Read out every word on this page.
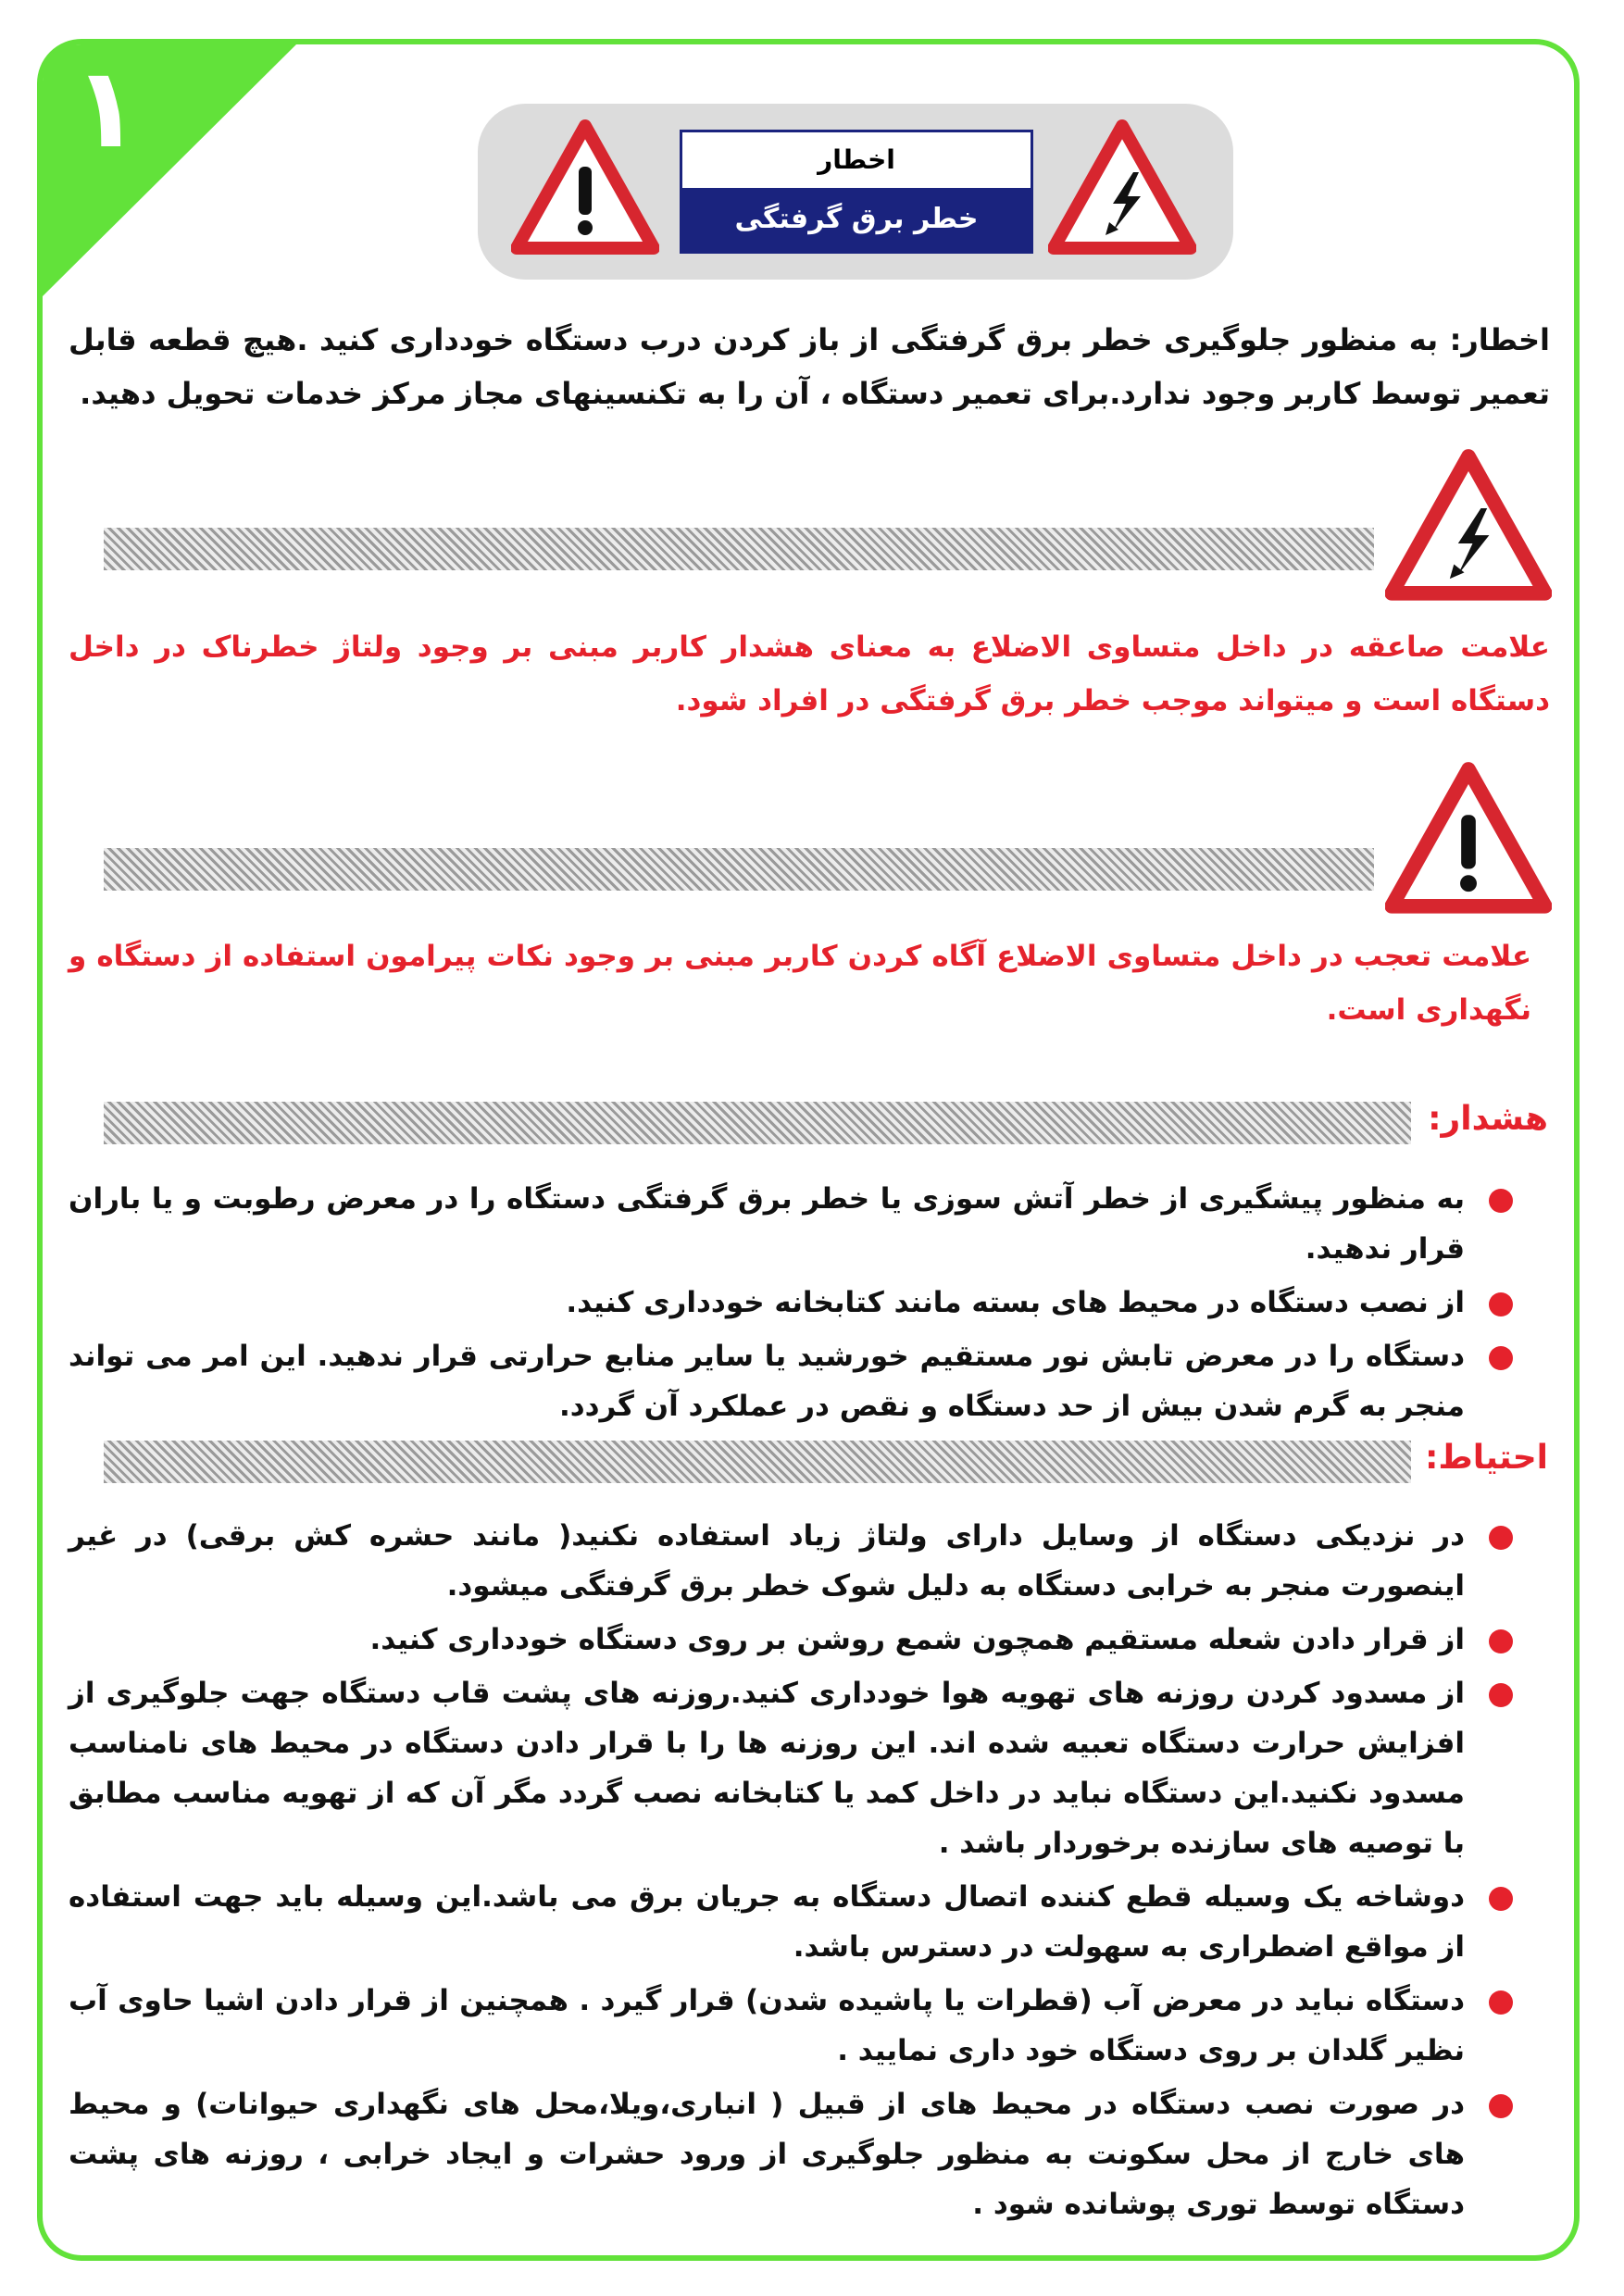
۱	اخطار
خطر برق گرفتگی
اخطار: به منظور جلوگیری خطر برق گرفتگی از باز کردن درب دستگاه خودداری کنید .هیچ قطعه قابل تعمیر توسط کاربر وجود ندارد.برای تعمیر دستگاه ، آن را به تکنسینهای مجاز مرکز خدمات تحویل دهید.
علامت صاعقه در داخل متساوی الاضلاع به معنای هشدار کاربر مبنی بر وجود ولتاژ خطرناک در داخل دستگاه است و میتواند موجب خطر برق گرفتگی در افراد شود.
علامت تعجب در داخل متساوی الاضلاع آگاه کردن کاربر مبنی بر وجود نکات پیرامون استفاده از دستگاه و نگهداری است.
هشدار:
به منظور پیشگیری از خطر آتش سوزی یا خطر برق گرفتگی دستگاه را در معرض رطوبت و یا باران قرار ندهید.
از نصب دستگاه در محیط های بسته مانند کتابخانه خودداری کنید.
دستگاه را در معرض تابش نور مستقیم خورشید یا سایر منابع حرارتی قرار ندهید. این امر می تواند منجر به گرم شدن بیش از حد دستگاه و نقص در عملکرد آن گردد.
احتیاط:
در نزدیکی دستگاه از وسایل دارای ولتاژ زیاد استفاده نکنید( مانند حشره کش برقی) در غیر اینصورت منجر به خرابی دستگاه به دلیل شوک خطر برق گرفتگی میشود.
از قرار دادن شعله مستقیم همچون شمع روشن بر روی دستگاه خودداری کنید.
از مسدود کردن روزنه های تهویه هوا خودداری کنید.روزنه های پشت قاب دستگاه جهت جلوگیری از افزایش حرارت دستگاه تعبیه شده اند. این روزنه ها را با قرار دادن دستگاه در محیط های نامناسب مسدود نکنید.این دستگاه نباید در داخل کمد یا کتابخانه نصب گردد مگر آن که از تهویه مناسب مطابق با توصیه های سازنده برخوردار باشد .
دوشاخه یک وسیله قطع کننده اتصال دستگاه به جریان برق می باشد.این وسیله باید جهت استفاده از مواقع اضطراری به سهولت در دسترس باشد.
دستگاه نباید در معرض آب (قطرات یا پاشیده شدن) قرار گیرد . همچنین از قرار دادن اشیا حاوی آب نظیر گلدان بر روی دستگاه خود داری نمایید .
در صورت نصب دستگاه در محیط های از قبیل ( انباری،ویلا،محل های نگهداری حیوانات) و محیط های خارج از محل سکونت به منظور جلوگیری از ورود حشرات و ایجاد خرابی ، روزنه های پشت دستگاه توسط توری پوشانده شود .
